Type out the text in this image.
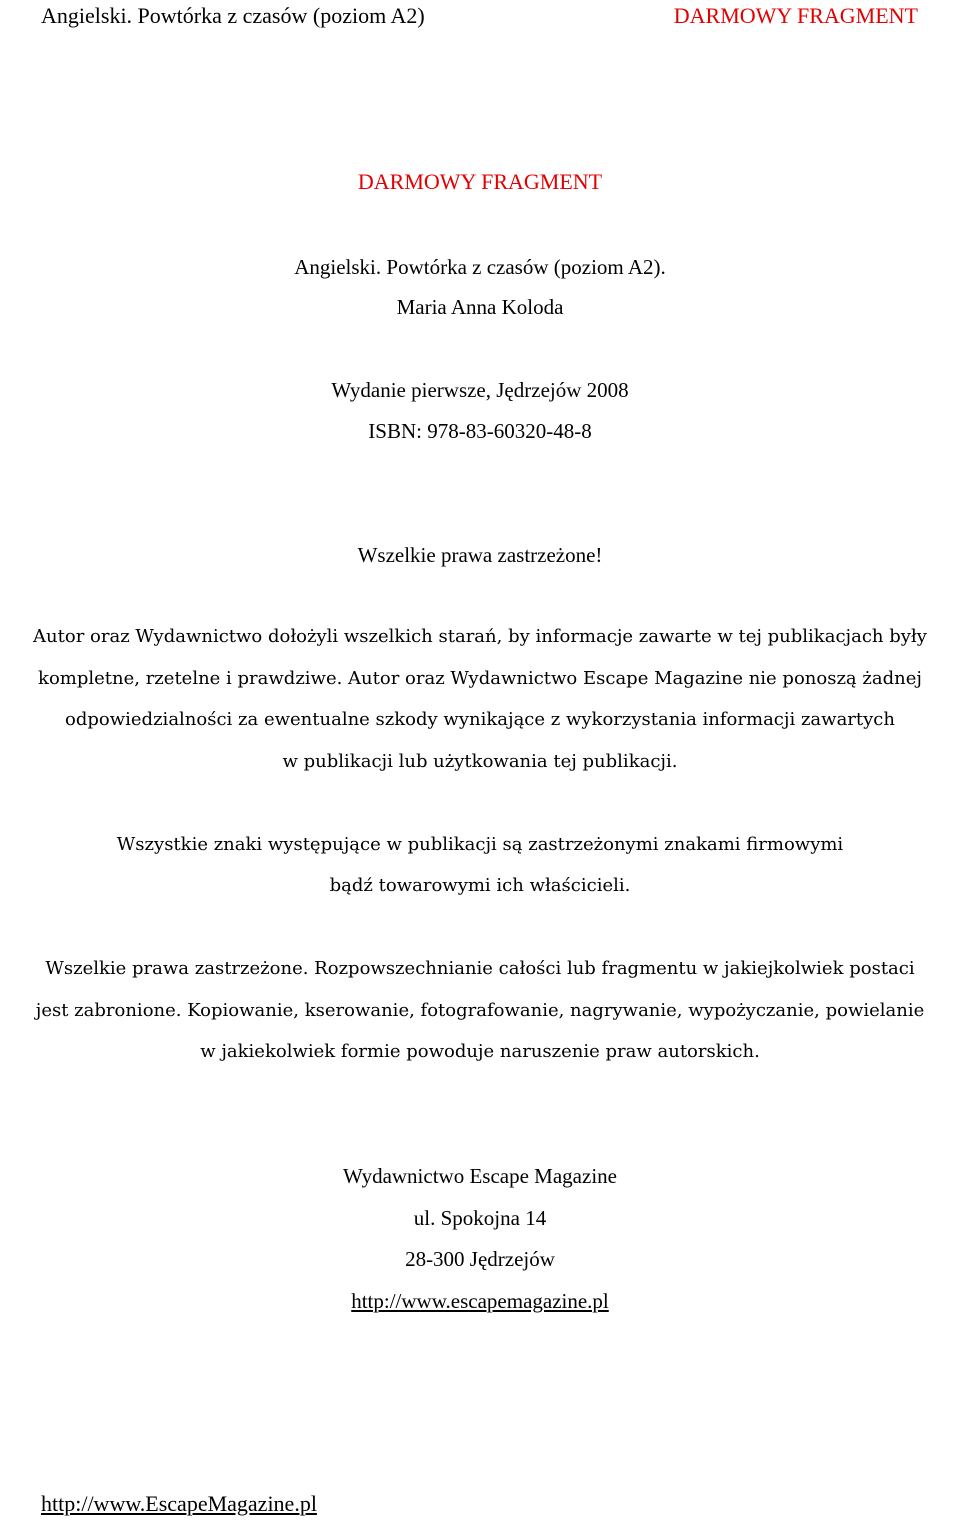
Angielski. Powtórka z czasów (poziom A2)	DARMOWY FRAGMENT
DARMOWY FRAGMENT
Angielski. Powtórka z czasów (poziom A2).
Maria Anna Koloda
Wydanie pierwsze, Jędrzejów 2008
ISBN: 978-83-60320-48-8
Wszelkie prawa zastrzeżone!
Autor oraz Wydawnictwo dołożyli wszelkich starań, by informacje zawarte w tej publikacjach były
kompletne, rzetelne i prawdziwe. Autor oraz Wydawnictwo Escape Magazine nie ponoszą żadnej
odpowiedzialności za ewentualne szkody wynikające z wykorzystania informacji zawartych
w publikacji lub użytkowania tej publikacji.
Wszystkie znaki występujące w publikacji są zastrzeżonymi znakami firmowymi
bądź towarowymi ich właścicieli.
Wszelkie prawa zastrzeżone. Rozpowszechnianie całości lub fragmentu w jakiejkolwiek postaci
jest zabronione. Kopiowanie, kserowanie, fotografowanie, nagrywanie, wypożyczanie, powielanie
w jakiekolwiek formie powoduje naruszenie praw autorskich.
Wydawnictwo Escape Magazine
ul. Spokojna 14
28-300 Jędrzejów
http://www.escapemagazine.pl
http://www.EscapeMagazine.pl
